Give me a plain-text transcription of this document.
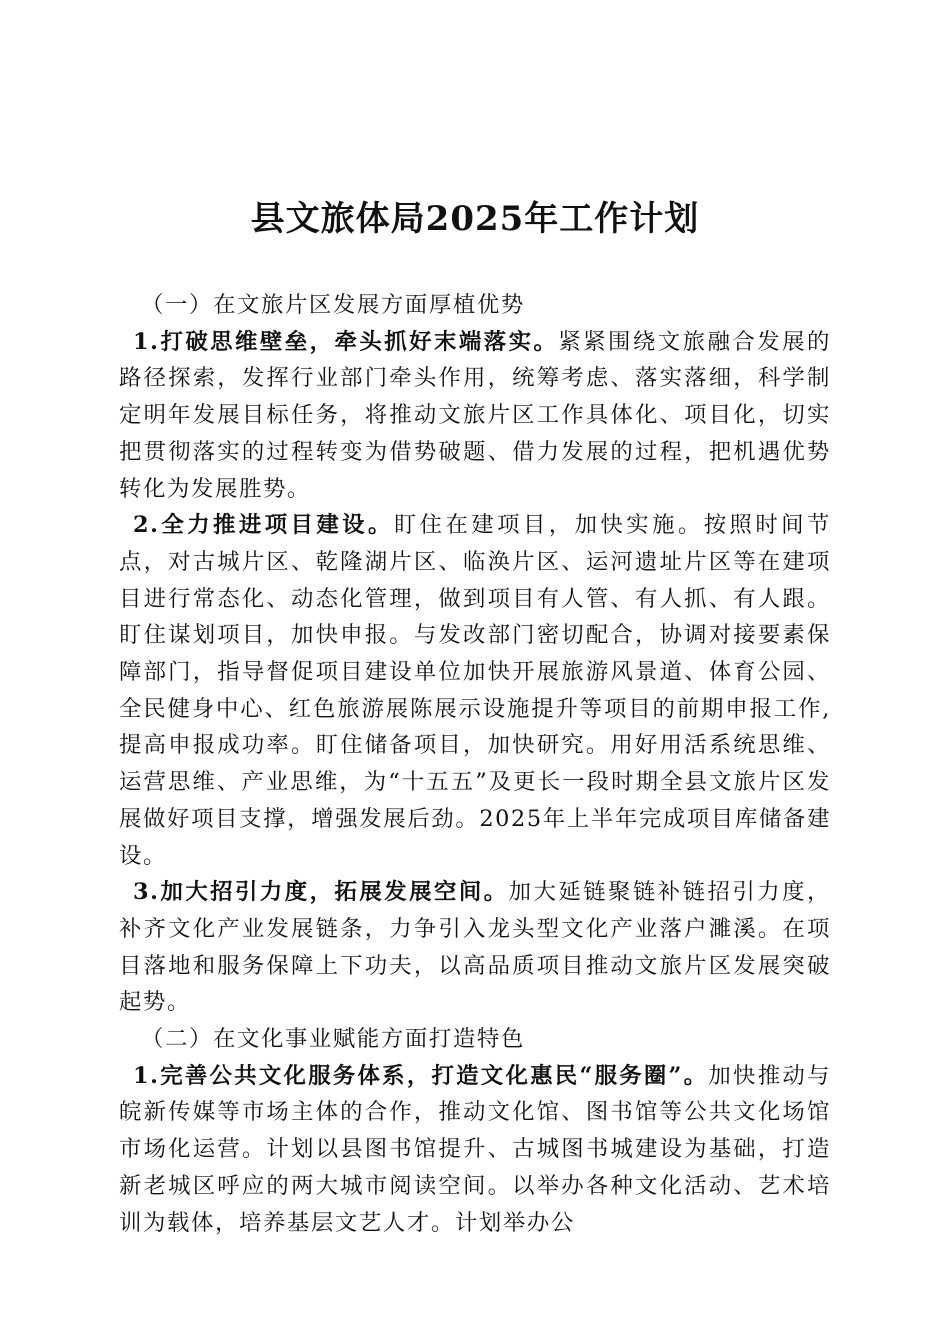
县文旅体局2025年工作计划

（一）在文旅片区发展方面厚植优势

1.打破思维壁垒，牵头抓好末端落实。紧紧围绕文旅融合发展的路径探索，发挥行业部门牵头作用，统筹考虑、落实落细，科学制定明年发展目标任务，将推动文旅片区工作具体化、项目化，切实把贯彻落实的过程转变为借势破题、借力发展的过程，把机遇优势转化为发展胜势。

2.全力推进项目建设。盯住在建项目，加快实施。按照时间节点，对古城片区、乾隆湖片区、临涣片区、运河遗址片区等在建项目进行常态化、动态化管理，做到项目有人管、有人抓、有人跟。盯住谋划项目，加快申报。与发改部门密切配合，协调对接要素保障部门，指导督促项目建设单位加快开展旅游风景道、体育公园、全民健身中心、红色旅游展陈展示设施提升等项目的前期申报工作,提高申报成功率。盯住储备项目，加快研究。用好用活系统思维、运营思维、产业思维，为“十五五”及更长一段时期全县文旅片区发展做好项目支撑，增强发展后劲。2025年上半年完成项目库储备建设。

3.加大招引力度，拓展发展空间。加大延链聚链补链招引力度，补齐文化产业发展链条，力争引入龙头型文化产业落户濉溪。在项目落地和服务保障上下功夫，以高品质项目推动文旅片区发展突破起势。

（二）在文化事业赋能方面打造特色

1.完善公共文化服务体系，打造文化惠民“服务圈”。加快推动与皖新传媒等市场主体的合作，推动文化馆、图书馆等公共文化场馆市场化运营。计划以县图书馆提升、古城图书城建设为基础，打造新老城区呼应的两大城市阅读空间。以举办各种文化活动、艺术培训为载体，培养基层文艺人才。计划举办公
